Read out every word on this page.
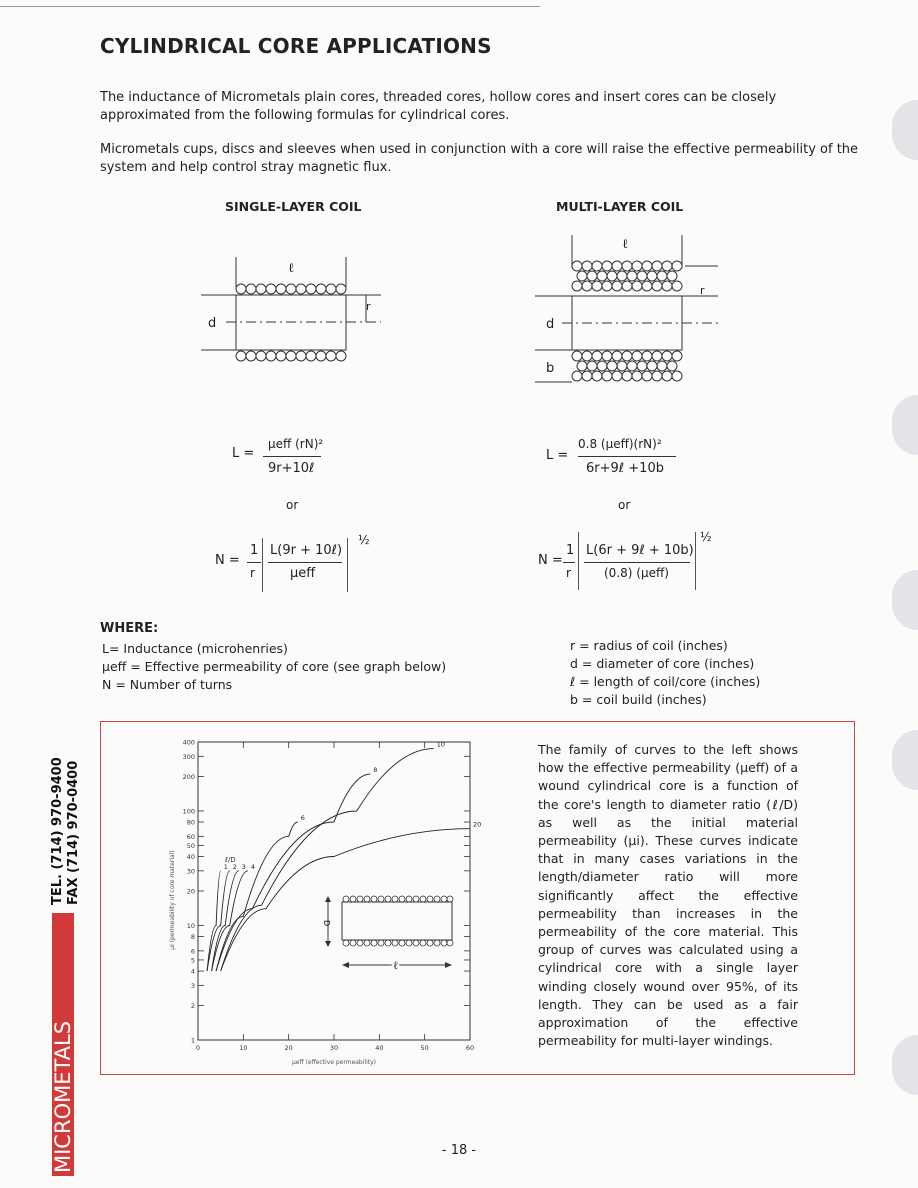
CYLINDRICAL CORE APPLICATIONS

The inductance of Micrometals plain cores, threaded cores, hollow cores and insert cores can be closely approximated from the following formulas for cylindrical cores.

Micrometals cups, discs and sleeves when used in conjunction with a core will raise the effective permeability of the system and help control stray magnetic flux.

SINGLE-LAYER COIL	MULTI-LAYER COIL
ℓ
r
d
ℓ
r
d
b
L =
μeff (rN)²
9r+10ℓ
or
N =
1
r
L(9r + 10ℓ)
μeff
½
L =
0.8 (μeff)(rN)²
6r+9ℓ +10b
or
N =
1
r
L(6r + 9ℓ + 10b)
(0.8) (μeff)
½
WHERE:
L= Inductance (microhenries)
μeff = Effective permeability of core (see graph below)
N = Number of turns
r = radius of coil (inches)
d = diameter of core (inches)
ℓ = length of coil/core (inches)
b = coil build (inches)
1
2
3
4
5
6
8
10
20
30
40
50
60
80
100
200
300
400
0	10	20	30	40	50	60
1 2 3 4
6
8
10
20
ℓ
D
ℓ/D
μeff (effective permeability)
μi (permeability of core material)

The family of curves to the left shows how the effective permeability (μeff) of a wound cylindrical core is a function of the core's length to diameter ratio (ℓ/D) as well as the initial material permeability (μi). These curves indicate that in many cases variations in the length/diameter ratio will more significantly affect the effective permeability than increases in the permeability of the core material. This group of curves was calculated using a cylindrical core with a single layer winding closely wound over 95%, of its length. They can be used as a fair approximation of the effective permeability for multi-layer windings.

MICROMETALS
TEL. (714) 970-9400 FAX (714) 970-0400
- 18 -
